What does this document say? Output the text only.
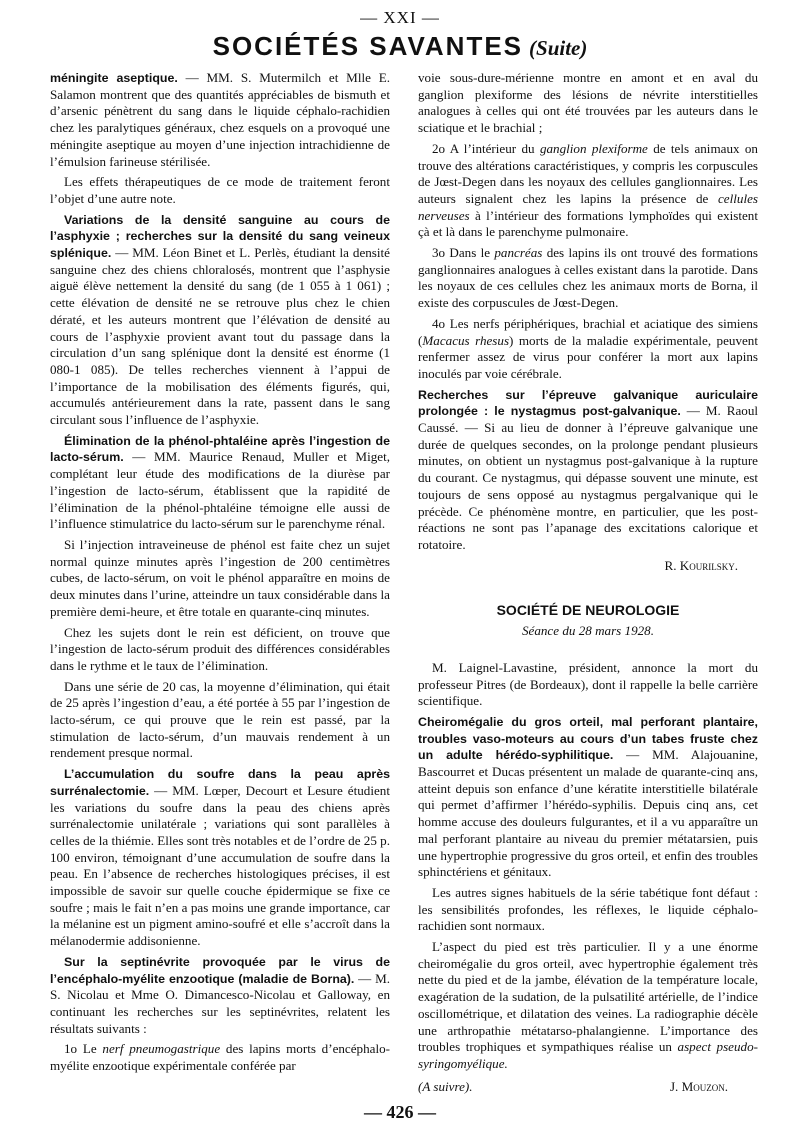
— XXI —
SOCIÉTÉS SAVANTES (Suite)

méningite aseptique. — MM. S. Mutermilch et Mlle E. Salamon montrent que des quantités appréciables de bismuth et d’arsenic pénètrent du sang dans le liquide céphalo-rachidien chez les paralytiques généraux, chez esquels on a provoqué une méningite aseptique au moyen d’une injection intrachidienne de l’émulsion farineuse stérilisée.

Les effets thérapeutiques de ce mode de traitement feront l’objet d’une autre note.

Variations de la densité sanguine au cours de l’asphyxie ; recherches sur la densité du sang veineux splénique. — MM. Léon Binet et L. Perlès, étudiant la densité sanguine chez des chiens chloralosés, montrent que l’asphysie aiguë élève nettement la densité du sang (de 1 055 à 1 061) ; cette élévation de densité ne se retrouve plus chez le chien dératé, et les auteurs montrent que l’élévation de densité au cours de l’asphyxie provient avant tout du passage dans la circulation d’un sang splénique dont la densité est énorme (1 080-1 085). De telles recherches viennent à l’appui de l’importance de la mobilisation des éléments figurés, qui, accumulés antérieurement dans la rate, passent dans le sang circulant sous l’influence de l’asphyxie.

Élimination de la phénol-phtaléine après l’ingestion de lacto-sérum. — MM. Maurice Renaud, Muller et Miget, complétant leur étude des modifications de la diurèse par l’ingestion de lacto-sérum, établissent que la rapidité de l’élimination de la phénol-phtaléine témoigne elle aussi de l’influence stimulatrice du lacto-sérum sur le parenchyme rénal.

Si l’injection intraveineuse de phénol est faite chez un sujet normal quinze minutes après l’ingestion de 200 centimètres cubes, de lacto-sérum, on voit le phénol apparaître en moins de deux minutes dans l’urine, atteindre un taux considérable dans la première demi-heure, et être totale en quarante-cinq minutes.

Chez les sujets dont le rein est déficient, on trouve que l’ingestion de lacto-sérum produit des différences considérables dans le rythme et le taux de l’élimination.

Dans une série de 20 cas, la moyenne d’élimination, qui était de 25 après l’ingestion d’eau, a été portée à 55 par l’ingestion de lacto-sérum, ce qui prouve que le rein est passé, par la stimulation de lacto-sérum, d’un mauvais rendement à un rendement presque normal.

L’accumulation du soufre dans la peau après surrénalectomie. — MM. Lœper, Decourt et Lesure étudient les variations du soufre dans la peau des chiens après surrénalectomie unilatérale ; variations qui sont parallèles à celles de la thiémie. Elles sont très notables et de l’ordre de 25 p. 100 environ, témoignant d’une accumulation de soufre dans la peau. En l’absence de recherches histologiques précises, il est impossible de savoir sur quelle couche épidermique se fixe ce soufre ; mais le fait n’en a pas moins une grande importance, car la mélanine est un pigment amino-soufré et elle s’accroît dans la mélanodermie addisonienne.

Sur la septinévrite provoquée par le virus de l’encéphalo-myélite enzootique (maladie de Borna). — M. S. Nicolau et Mme O. Dimancesco-Nicolau et Galloway, en continuant les recherches sur les septinévrites, relatent les résultats suivants :

1o Le nerf pneumogastrique des lapins morts d’encéphalo-myélite enzootique expérimentale conférée par

voie sous-dure-mérienne montre en amont et en aval du ganglion plexiforme des lésions de névrite interstitielles analogues à celles qui ont été trouvées par les auteurs dans le sciatique et le brachial ;

2o A l’intérieur du ganglion plexiforme de tels animaux on trouve des altérations caractéristiques, y compris les corpuscules de Jœst-Degen dans les noyaux des cellules ganglionnaires. Les auteurs signalent chez les lapins la présence de cellules nerveuses à l’intérieur des formations lymphoïdes qui existent çà et là dans le parenchyme pulmonaire.

3o Dans le pancréas des lapins ils ont trouvé des formations ganglionnaires analogues à celles existant dans la parotide. Dans les noyaux de ces cellules chez les animaux morts de Borna, il existe des corpuscules de Jœst-Degen.

4o Les nerfs périphériques, brachial et aciatique des simiens (Macacus rhesus) morts de la maladie expérimentale, peuvent renfermer assez de virus pour conférer la mort aux lapins inoculés par voie cérébrale.

Recherches sur l’épreuve galvanique auriculaire prolongée : le nystagmus post-galvanique. — M. Raoul Caussé. — Si au lieu de donner à l’épreuve galvanique une durée de quelques secondes, on la prolonge pendant plusieurs minutes, on obtient un nystagmus post-galvanique à la rupture du courant. Ce nystagmus, qui dépasse souvent une minute, est toujours de sens opposé au nystagmus pergalvanique qui le précède. Ce phénomène montre, en particulier, que les post-réactions ne sont pas l’apanage des excitations calorique et rotatoire.

R. Kourilsky.
SOCIÉTÉ DE NEUROLOGIE
Séance du 28 mars 1928.

M. Laignel-Lavastine, président, annonce la mort du professeur Pitres (de Bordeaux), dont il rappelle la belle carrière scientifique.

Cheiromégalie du gros orteil, mal perforant plantaire, troubles vaso-moteurs au cours d’un tabes fruste chez un adulte hérédo-syphilitique. — MM. Alajouanine, Bascourret et Ducas présentent un malade de quarante-cinq ans, atteint depuis son enfance d’une kératite interstitielle bilatérale qui permet d’affirmer l’hérédo-syphilis. Depuis cinq ans, cet homme accuse des douleurs fulgurantes, et il a vu apparaître un mal perforant plantaire au niveau du premier métatarsien, puis une hypertrophie progressive du gros orteil, et enfin des troubles sphinctériens et génitaux.

Les autres signes habituels de la série tabétique font défaut : les sensibilités profondes, les réflexes, le liquide céphalo-rachidien sont normaux.

L’aspect du pied est très particulier. Il y a une énorme cheiromégalie du gros orteil, avec hypertrophie également très nette du pied et de la jambe, élévation de la température locale, exagération de la sudation, de la pulsatilité artérielle, de l’indice oscillométrique, et dilatation des veines. La radiographie décèle une arthropathie métatarso-phalangienne. L’importance des troubles trophiques et sympathiques réalise un aspect pseudo-syringomyélique.

(A suivre).	J. Mouzon.
— 426 —
